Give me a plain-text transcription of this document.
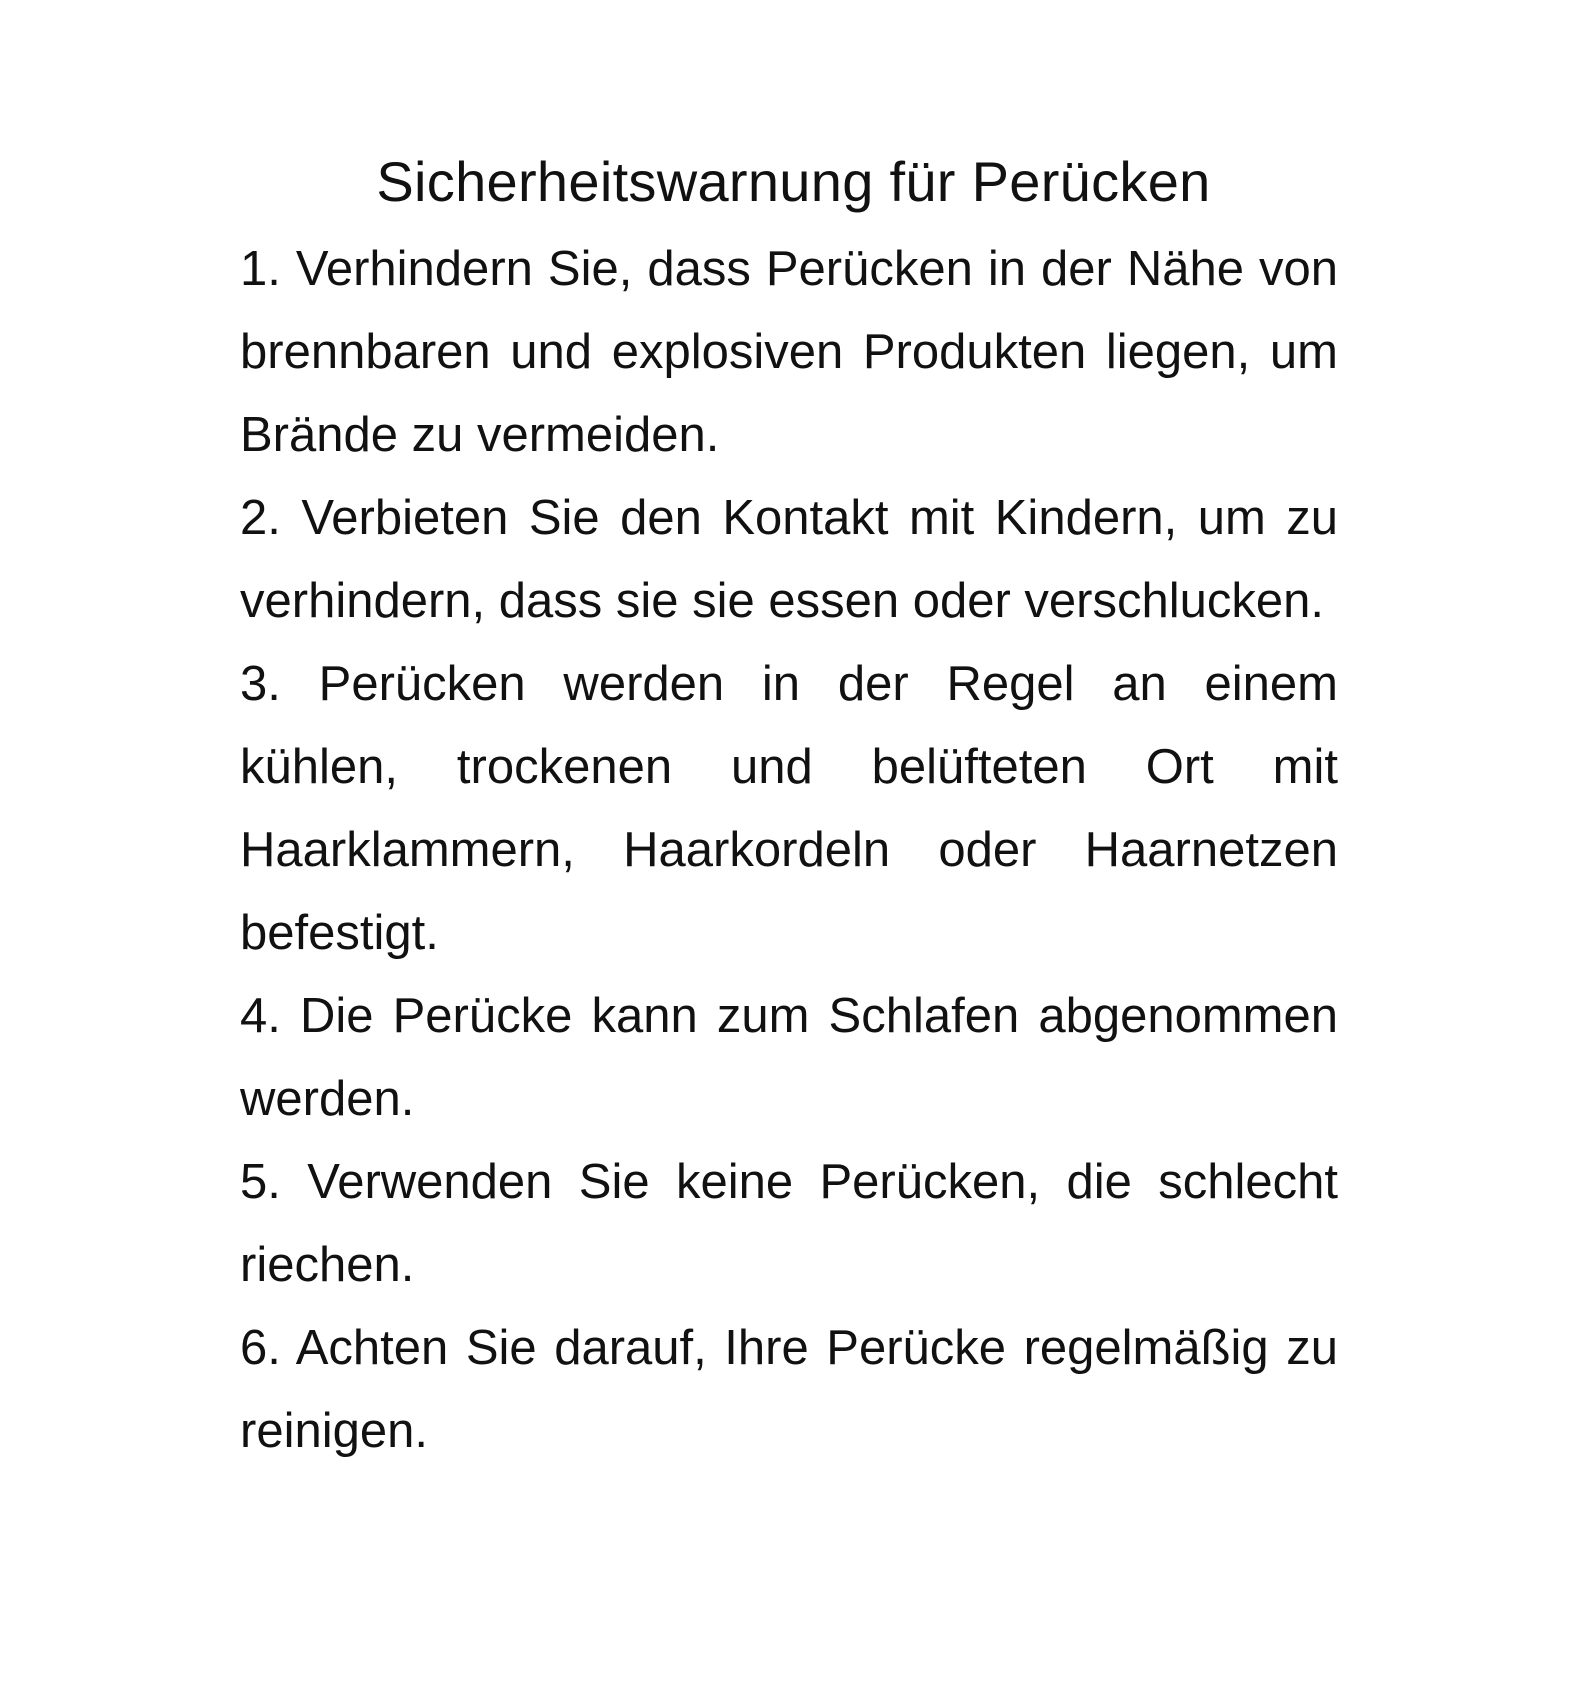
Sicherheitswarnung für Perücken

1. Verhindern Sie, dass Perücken in der Nähe von brennbaren und explosiven Produkten liegen, um Brände zu vermeiden.

2. Verbieten Sie den Kontakt mit Kindern, um zu verhindern, dass sie sie essen oder verschlucken.

3. Perücken werden in der Regel an einem kühlen, trockenen und belüfteten Ort mit Haarklammern, Haarkordeln oder Haarnetzen befestigt.

4. Die Perücke kann zum Schlafen abgenommen werden.

5. Verwenden Sie keine Perücken, die schlecht riechen.

6. Achten Sie darauf, Ihre Perücke regelmäßig zu reinigen.
